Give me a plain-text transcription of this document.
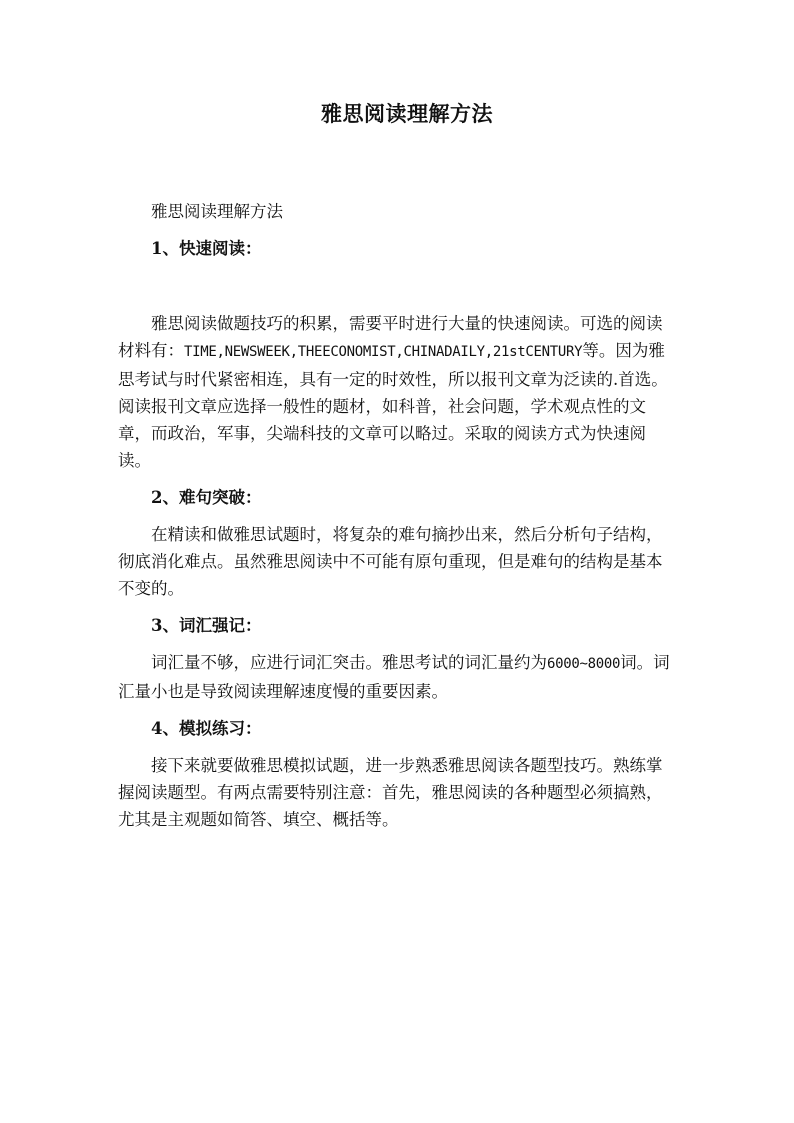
雅思阅读理解方法

雅思阅读理解方法

1、快速阅读：

雅思阅读做题技巧的积累，需要平时进行大量的快速阅读。可选的阅读材料有：TIME,NEWSWEEK,THEECONOMIST,CHINADAILY,21stCENTURY等。因为雅思考试与时代紧密相连，具有一定的时效性，所以报刊文章为泛读的.首选。阅读报刊文章应选择一般性的题材，如科普，社会问题，学术观点性的文章，而政治，军事，尖端科技的文章可以略过。采取的阅读方式为快速阅读。

2、难句突破：

在精读和做雅思试题时，将复杂的难句摘抄出来，然后分析句子结构，彻底消化难点。虽然雅思阅读中不可能有原句重现，但是难句的结构是基本不变的。

3、词汇强记：

词汇量不够，应进行词汇突击。雅思考试的词汇量约为6000~8000词。词汇量小也是导致阅读理解速度慢的重要因素。

4、模拟练习：

接下来就要做雅思模拟试题，进一步熟悉雅思阅读各题型技巧。熟练掌握阅读题型。有两点需要特别注意：首先，雅思阅读的各种题型必须搞熟，尤其是主观题如简答、填空、概括等。
